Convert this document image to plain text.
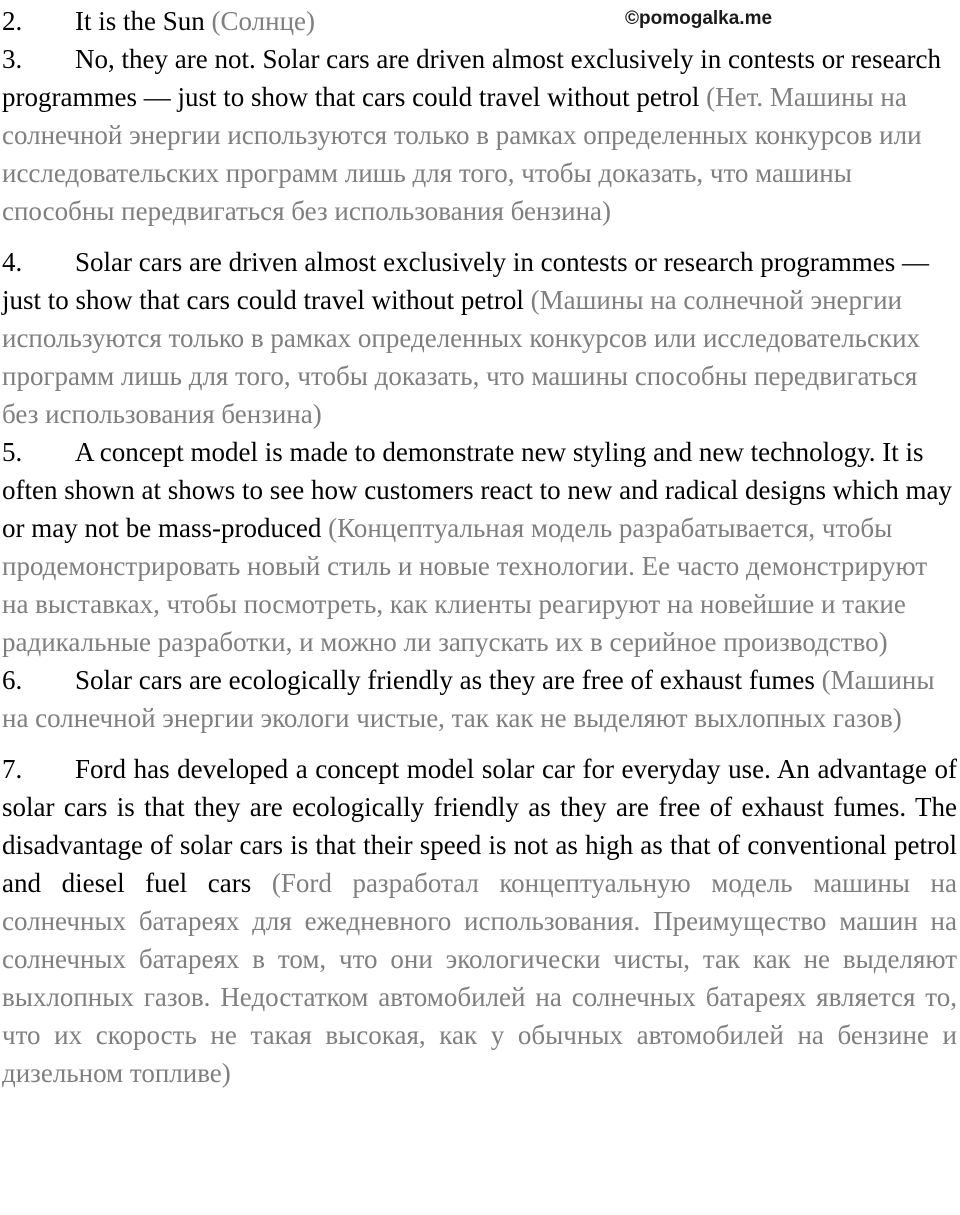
©pomogalka.me

2. It is the Sun (Солнце)

3. No, they are not. Solar cars are driven almost exclusively in contests or research programmes — just to show that cars could travel without petrol (Нет. Машины на солнечной энергии используются только в рамках определенных конкурсов или исследовательских программ лишь для того, чтобы доказать, что машины способны передвигаться без использования бензина)

4. Solar cars are driven almost exclusively in contests or research programmes — just to show that cars could travel without petrol (Машины на солнечной энергии используются только в рамках определенных конкурсов или исследовательских программ лишь для того, чтобы доказать, что машины способны передвигаться без использования бензина)

5. A concept model is made to demonstrate new styling and new technology. It is often shown at shows to see how customers react to new and radical designs which may or may not be mass-produced (Концептуальная модель разрабатывается, чтобы продемонстрировать новый стиль и новые технологии. Ее часто демонстрируют на выставках, чтобы посмотреть, как клиенты реагируют на новейшие и такие радикальные разработки, и можно ли запускать их в серийное производство)

6. Solar cars are ecologically friendly as they are free of exhaust fumes (Машины на солнечной энергии экологи чистые, так как не выделяют выхлопных газов)

7. Ford has developed a concept model solar car for everyday use. An advantage of solar cars is that they are ecologically friendly as they are free of exhaust fumes. The disadvantage of solar cars is that their speed is not as high as that of conventional petrol and diesel fuel cars (Ford разработал концептуальную модель машины на солнечных батареях для ежедневного использования. Преимущество машин на солнечных батареях в том, что они экологически чисты, так как не выделяют выхлопных газов. Недостатком автомобилей на солнечных батареях является то, что их скорость не такая высокая, как у обычных автомобилей на бензине и дизельном топливе)
